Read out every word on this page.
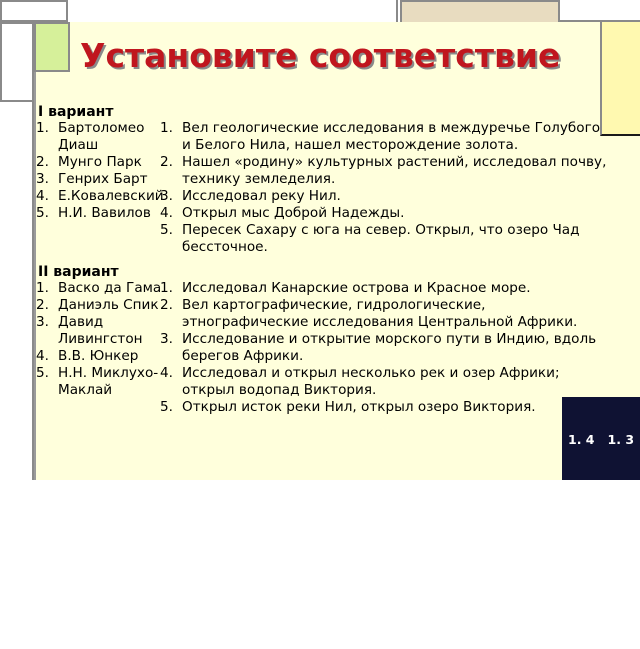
Установите соответствие
I вариант
1. Бартоломео Диаш
2. Мунго Парк
3. Генрих Барт
4. Е.Ковалевский
5. Н.И. Вавилов
1. Вел геологические исследования в междуречье Голубого и Белого Нила, нашел месторождение золота.
2. Нашел «родину» культурных растений, исследовал почву, технику земледелия.
3. Исследовал реку Нил.
4. Открыл мыс Доброй Надежды.
5. Пересек Сахару с юга на север. Открыл, что озеро Чад бессточное.
II вариант
1. Васко да Гама
2. Даниэль Спик
3. Давид Ливингстон
4. В.В. Юнкер
5. Н.Н. Миклухо-Маклай
1. Исследовал Канарские острова и Красное море.
2. Вел картографические, гидрологические, этнографические исследования Центральной Африки.
3. Исследование и открытие морского пути в Индию, вдоль берегов Африки.
4. Исследовал и открыл несколько рек и озер Африки; открыл водопад Виктория.
5. Открыл исток реки Нил, открыл озеро Виктория.

1. 4   1. 3

2. 3   2. 5

3. 5   3. 4

4. 1   4. 2

5. 2   5. 1
